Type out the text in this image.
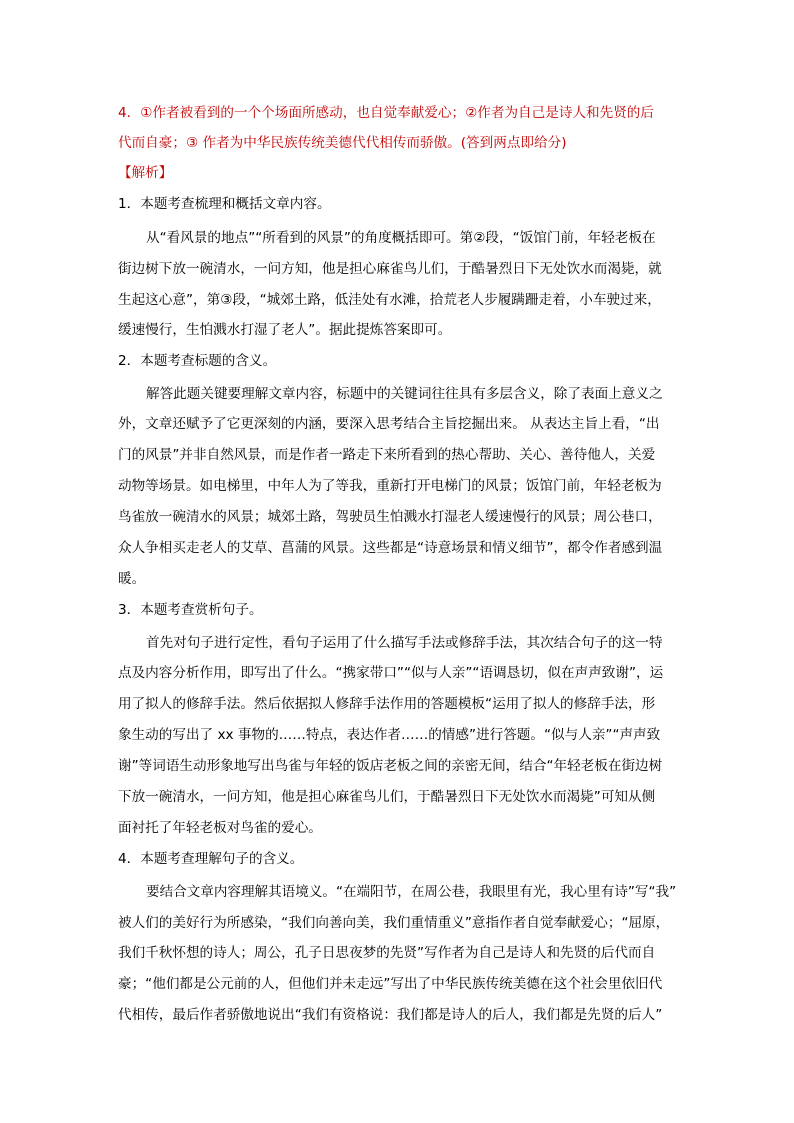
4．①作者被看到的一个个场面所感动，也自觉奉献爱心；②作者为自己是诗人和先贤的后
代而自豪；③ 作者为中华民族传统美德代代相传而骄傲。(答到两点即给分)
【解析】
1．本题考查梳理和概括文章内容。
从“看风景的地点”“所看到的风景”的角度概括即可。第②段，“饭馆门前，年轻老板在
街边树下放一碗清水，一问方知，他是担心麻雀鸟儿们，于酷暑烈日下无处饮水而渴毙，就
生起这心意”，第③段，“城郊土路，低洼处有水滩，拾荒老人步履蹒跚走着，小车驶过来，
缓速慢行，生怕溅水打湿了老人”。据此提炼答案即可。
2．本题考查标题的含义。
解答此题关键要理解文章内容，标题中的关键词往往具有多层含义，除了表面上意义之
外，文章还赋予了它更深刻的内涵，要深入思考结合主旨挖掘出来。 从表达主旨上看，“出
门的风景”并非自然风景，而是作者一路走下来所看到的热心帮助、关心、善待他人，关爱
动物等场景。如电梯里，中年人为了等我，重新打开电梯门的风景；饭馆门前，年轻老板为
鸟雀放一碗清水的风景；城郊土路，驾驶员生怕溅水打湿老人缓速慢行的风景；周公巷口，
众人争相买走老人的艾草、菖蒲的风景。这些都是“诗意场景和情义细节”，都令作者感到温
暖。
3．本题考查赏析句子。
首先对句子进行定性，看句子运用了什么描写手法或修辞手法，其次结合句子的这一特
点及内容分析作用，即写出了什么。“携家带口”“似与人亲”“语调恳切，似在声声致谢”，运
用了拟人的修辞手法。然后依据拟人修辞手法作用的答题模板“运用了拟人的修辞手法，形
象生动的写出了 xx 事物的……特点，表达作者……的情感”进行答题。“似与人亲”“声声致
谢”等词语生动形象地写出鸟雀与年轻的饭店老板之间的亲密无间，结合“年轻老板在街边树
下放一碗清水，一问方知，他是担心麻雀鸟儿们，于酷暑烈日下无处饮水而渴毙”可知从侧
面衬托了年轻老板对鸟雀的爱心。
4．本题考查理解句子的含义。
要结合文章内容理解其语境义。“在端阳节，在周公巷，我眼里有光，我心里有诗”写“我”
被人们的美好行为所感染，“我们向善向美，我们重情重义”意指作者自觉奉献爱心；“屈原，
我们千秋怀想的诗人；周公，孔子日思夜梦的先贤”写作者为自己是诗人和先贤的后代而自
豪；“他们都是公元前的人，但他们并未走远”写出了中华民族传统美德在这个社会里依旧代
代相传，最后作者骄傲地说出“我们有资格说：我们都是诗人的后人，我们都是先贤的后人”
